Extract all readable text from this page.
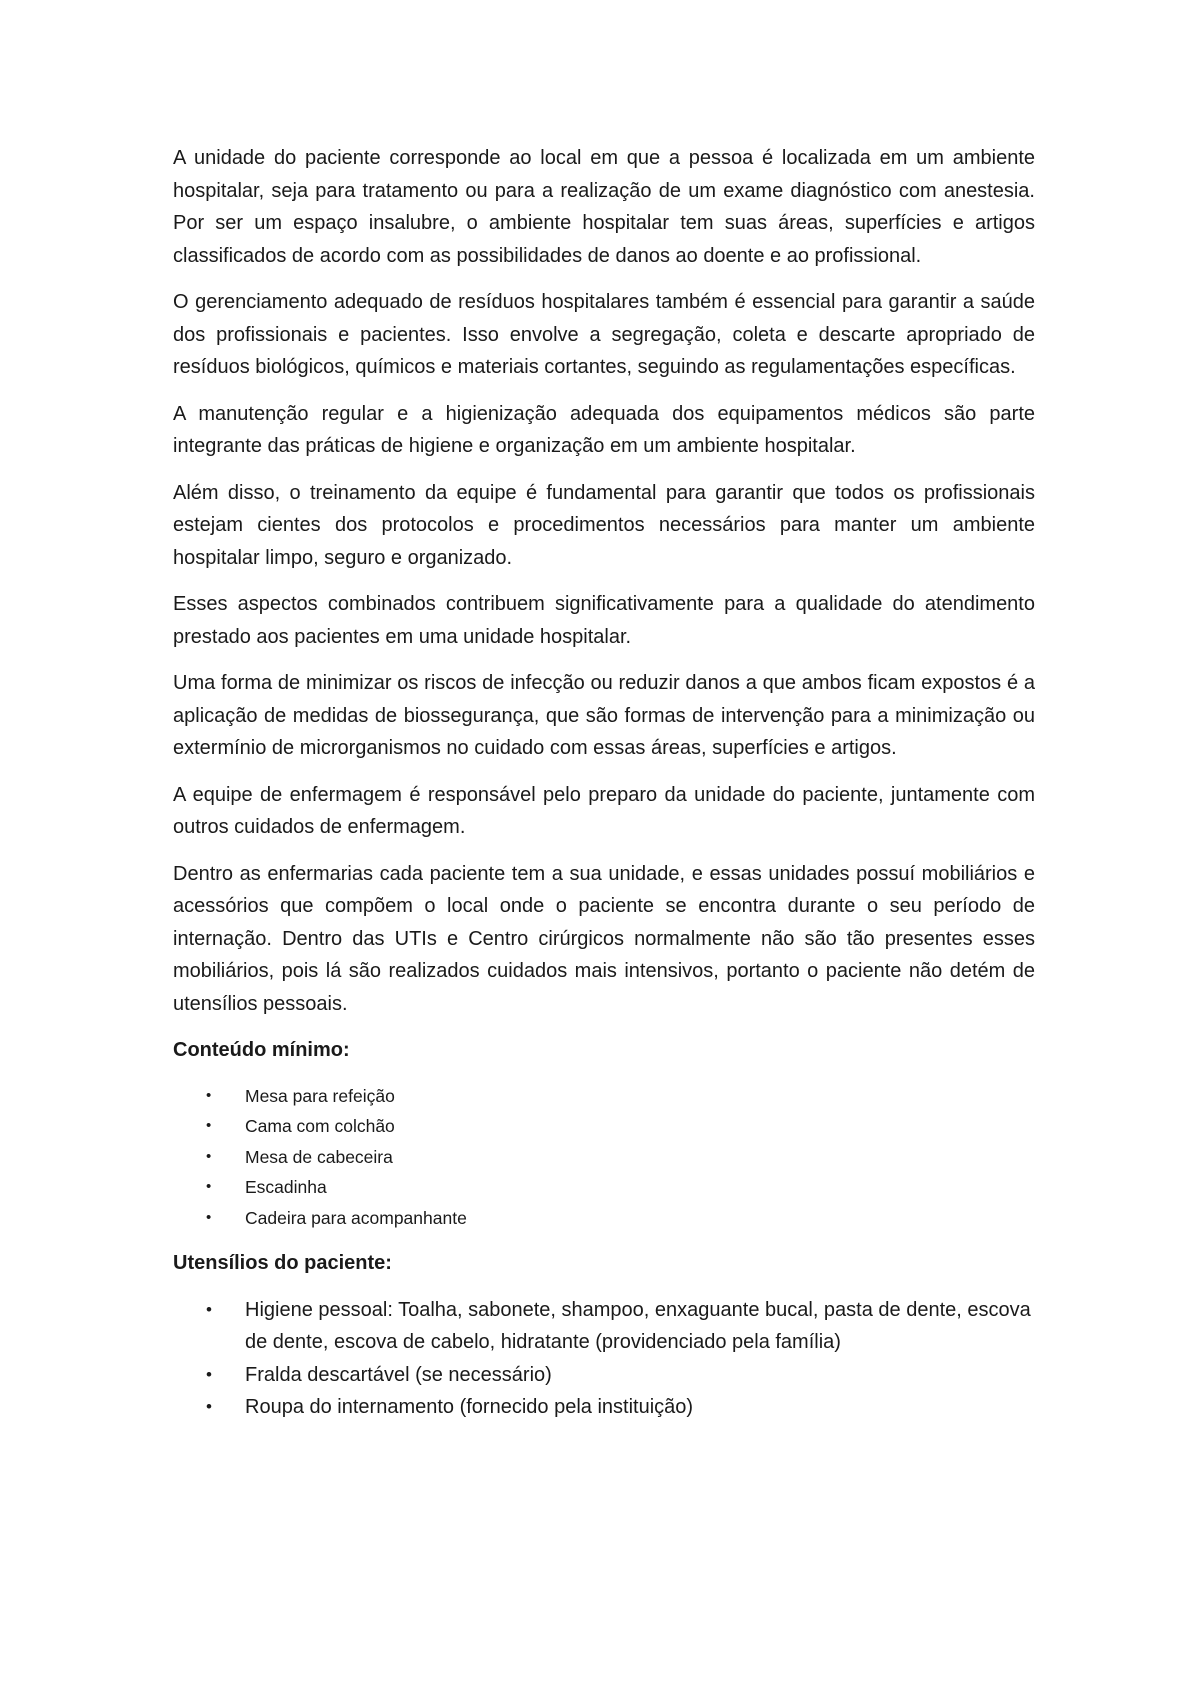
A unidade do paciente corresponde ao local em que a pessoa é localizada em um ambiente hospitalar, seja para tratamento ou para a realização de um exame diagnóstico com anestesia. Por ser um espaço insalubre, o ambiente hospitalar tem suas áreas, superfícies e artigos classificados de acordo com as possibilidades de danos ao doente e ao profissional.

O gerenciamento adequado de resíduos hospitalares também é essencial para garantir a saúde dos profissionais e pacientes. Isso envolve a segregação, coleta e descarte apropriado de resíduos biológicos, químicos e materiais cortantes, seguindo as regulamentações específicas.

A manutenção regular e a higienização adequada dos equipamentos médicos são parte integrante das práticas de higiene e organização em um ambiente hospitalar.

Além disso, o treinamento da equipe é fundamental para garantir que todos os profissionais estejam cientes dos protocolos e procedimentos necessários para manter um ambiente hospitalar limpo, seguro e organizado.

Esses aspectos combinados contribuem significativamente para a qualidade do atendimento prestado aos pacientes em uma unidade hospitalar.

Uma forma de minimizar os riscos de infecção ou reduzir danos a que ambos ficam expostos é a aplicação de medidas de biossegurança, que são formas de intervenção para a minimização ou extermínio de microrganismos no cuidado com essas áreas, superfícies e artigos.

A equipe de enfermagem é responsável pelo preparo da unidade do paciente, juntamente com outros cuidados de enfermagem.

Dentro as enfermarias cada paciente tem a sua unidade, e essas unidades possuí mobiliários e acessórios que compõem o local onde o paciente se encontra durante o seu período de internação. Dentro das UTIs e Centro cirúrgicos normalmente não são tão presentes esses mobiliários, pois lá são realizados cuidados mais intensivos, portanto o paciente não detém de utensílios pessoais.

Conteúdo mínimo:

• Mesa para refeição
• Cama com colchão
• Mesa de cabeceira
• Escadinha
• Cadeira para acompanhante

Utensílios do paciente:

• Higiene pessoal: Toalha, sabonete, shampoo, enxaguante bucal, pasta de dente, escova de dente, escova de cabelo, hidratante (providenciado pela família)
• Fralda descartável (se necessário)
• Roupa do internamento (fornecido pela instituição)
